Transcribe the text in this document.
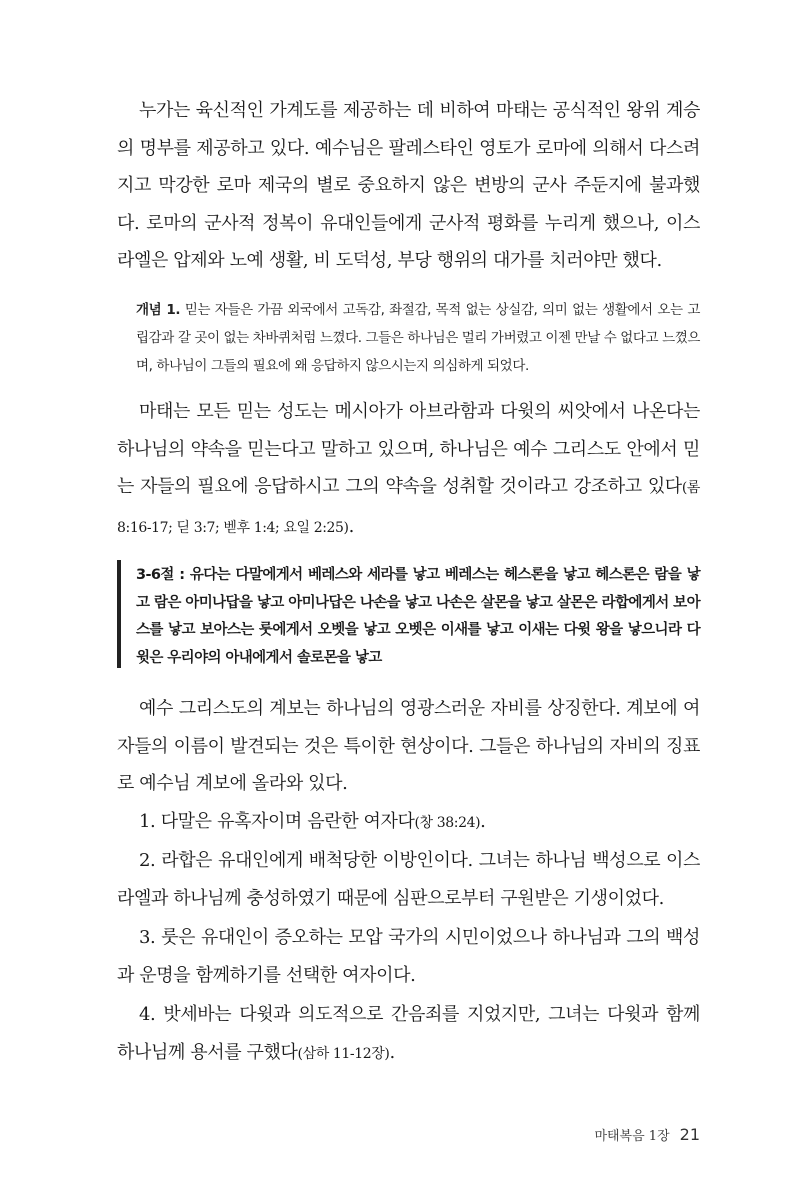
누가는 육신적인 가계도를 제공하는 데 비하여 마태는 공식적인 왕위 계승의 명부를 제공하고 있다. 예수님은 팔레스타인 영토가 로마에 의해서 다스려지고 막강한 로마 제국의 별로 중요하지 않은 변방의 군사 주둔지에 불과했다. 로마의 군사적 정복이 유대인들에게 군사적 평화를 누리게 했으나, 이스라엘은 압제와 노예 생활, 비 도덕성, 부당 행위의 대가를 치러야만 했다.

개념 1. 믿는 자들은 가끔 외국에서 고독감, 좌절감, 목적 없는 상실감, 의미 없는 생활에서 오는 고립감과 갈 곳이 없는 차바퀴처럼 느꼈다. 그들은 하나님은 멀리 가버렸고 이젠 만날 수 없다고 느꼈으며, 하나님이 그들의 필요에 왜 응답하지 않으시는지 의심하게 되었다.

마태는 모든 믿는 성도는 메시아가 아브라함과 다윗의 씨앗에서 나온다는 하나님의 약속을 믿는다고 말하고 있으며, 하나님은 예수 그리스도 안에서 믿는 자들의 필요에 응답하시고 그의 약속을 성취할 것이라고 강조하고 있다(롬 8:16-17; 딛 3:7; 벧후 1:4; 요일 2:25).

3-6절 : 유다는 다말에게서 베레스와 세라를 낳고 베레스는 헤스론을 낳고 헤스론은 람을 낳고 람은 아미나답을 낳고 아미나답은 나손을 낳고 나손은 살몬을 낳고 살몬은 라합에게서 보아스를 낳고 보아스는 룻에게서 오벳을 낳고 오벳은 이새를 낳고 이새는 다윗 왕을 낳으니라 다윗은 우리야의 아내에게서 솔로몬을 낳고

예수 그리스도의 계보는 하나님의 영광스러운 자비를 상징한다. 계보에 여자들의 이름이 발견되는 것은 특이한 현상이다. 그들은 하나님의 자비의 징표로 예수님 계보에 올라와 있다.

1. 다말은 유혹자이며 음란한 여자다(창 38:24).

2. 라합은 유대인에게 배척당한 이방인이다. 그녀는 하나님 백성으로 이스라엘과 하나님께 충성하였기 때문에 심판으로부터 구원받은 기생이었다.

3. 룻은 유대인이 증오하는 모압 국가의 시민이었으나 하나님과 그의 백성과 운명을 함께하기를 선택한 여자이다.

4. 밧세바는 다윗과 의도적으로 간음죄를 지었지만, 그녀는 다윗과 함께 하나님께 용서를 구했다(삼하 11-12장).

마태복음 1장 21
